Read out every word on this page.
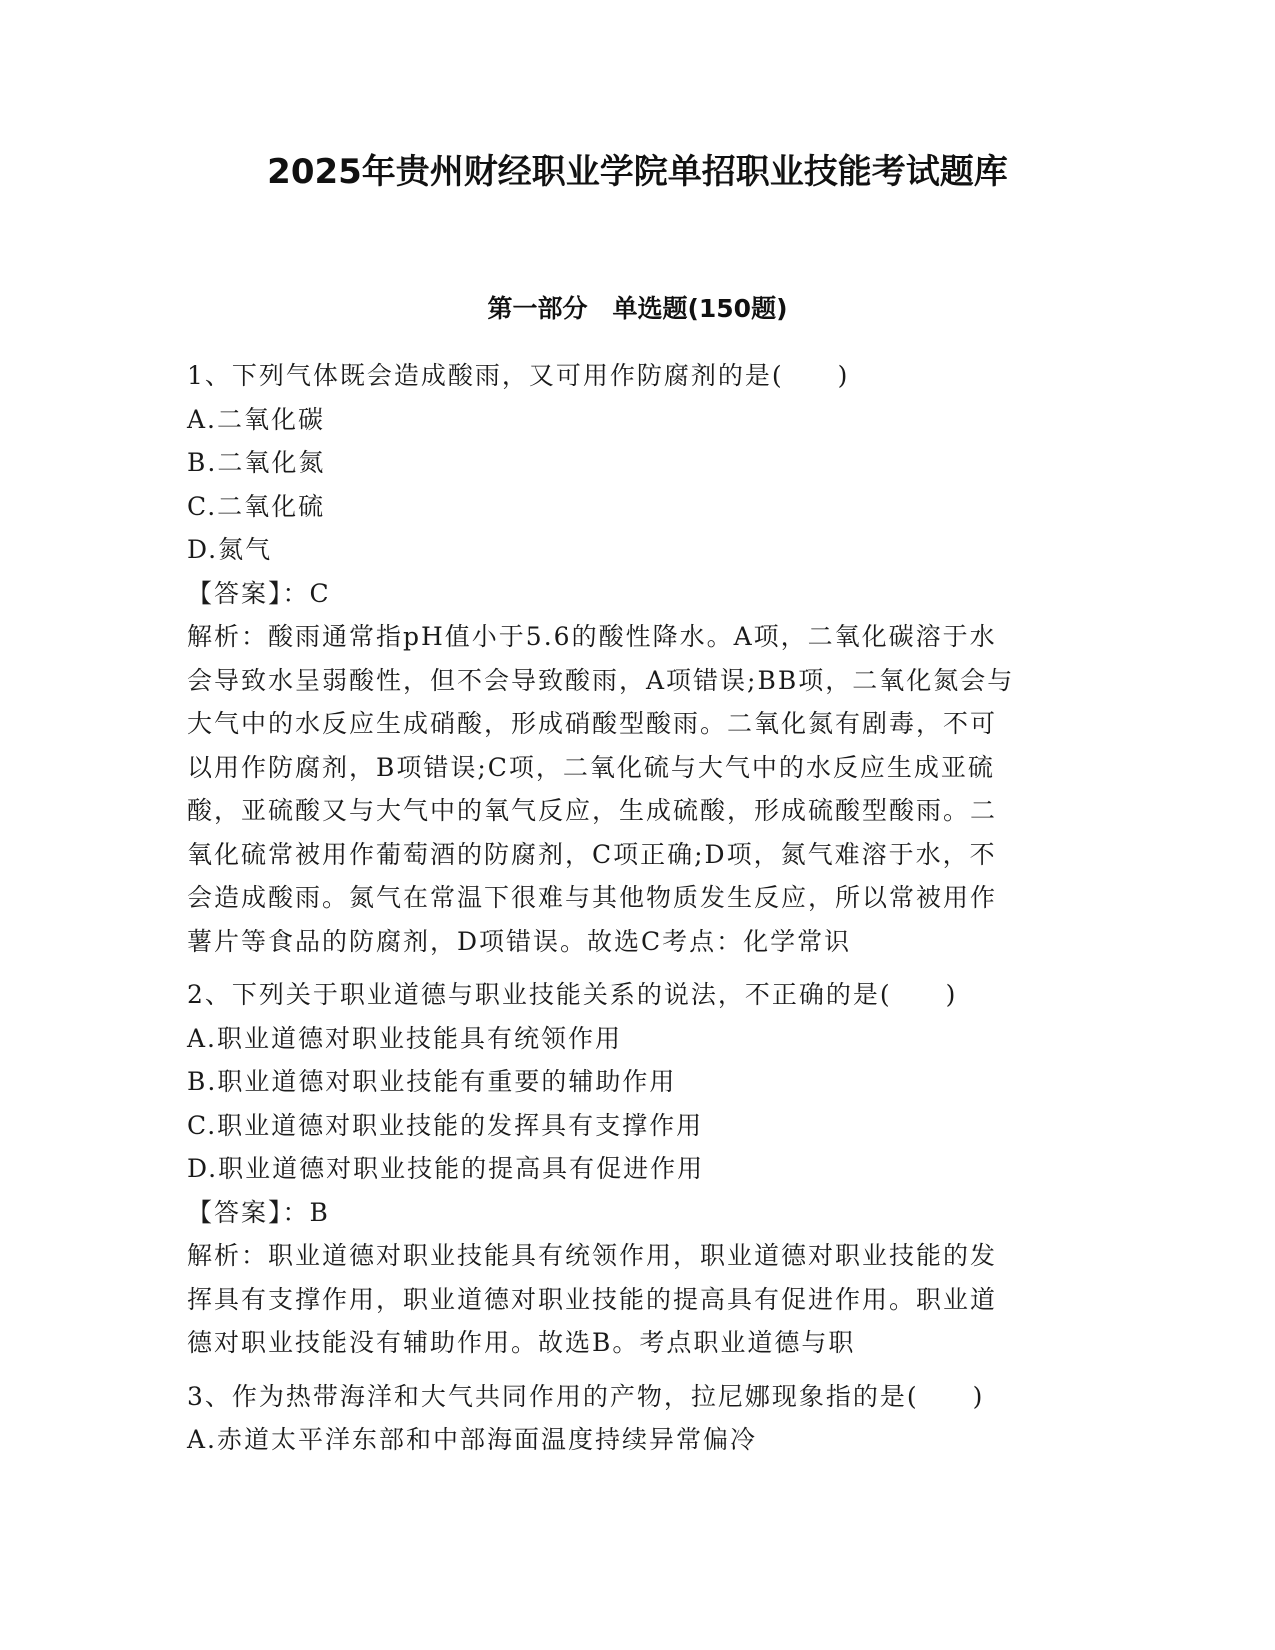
2025年贵州财经职业学院单招职业技能考试题库
第一部分　单选题(150题)
1、下列气体既会造成酸雨，又可用作防腐剂的是(　　)
A.二氧化碳
B.二氧化氮
C.二氧化硫
D.氮气
【答案】：C
解析：酸雨通常指pH值小于5.6的酸性降水。A项，二氧化碳溶于水
会导致水呈弱酸性，但不会导致酸雨，A项错误;BB项，二氧化氮会与
大气中的水反应生成硝酸，形成硝酸型酸雨。二氧化氮有剧毒，不可
以用作防腐剂，B项错误;C项，二氧化硫与大气中的水反应生成亚硫
酸，亚硫酸又与大气中的氧气反应，生成硫酸，形成硫酸型酸雨。二
氧化硫常被用作葡萄酒的防腐剂，C项正确;D项，氮气难溶于水，不
会造成酸雨。氮气在常温下很难与其他物质发生反应，所以常被用作
薯片等食品的防腐剂，D项错误。故选C考点：化学常识
2、下列关于职业道德与职业技能关系的说法，不正确的是(　　)
A.职业道德对职业技能具有统领作用
B.职业道德对职业技能有重要的辅助作用
C.职业道德对职业技能的发挥具有支撑作用
D.职业道德对职业技能的提高具有促进作用
【答案】：B
解析：职业道德对职业技能具有统领作用，职业道德对职业技能的发
挥具有支撑作用，职业道德对职业技能的提高具有促进作用。职业道
德对职业技能没有辅助作用。故选B。考点职业道德与职
3、作为热带海洋和大气共同作用的产物，拉尼娜现象指的是(　　)
A.赤道太平洋东部和中部海面温度持续异常偏冷
